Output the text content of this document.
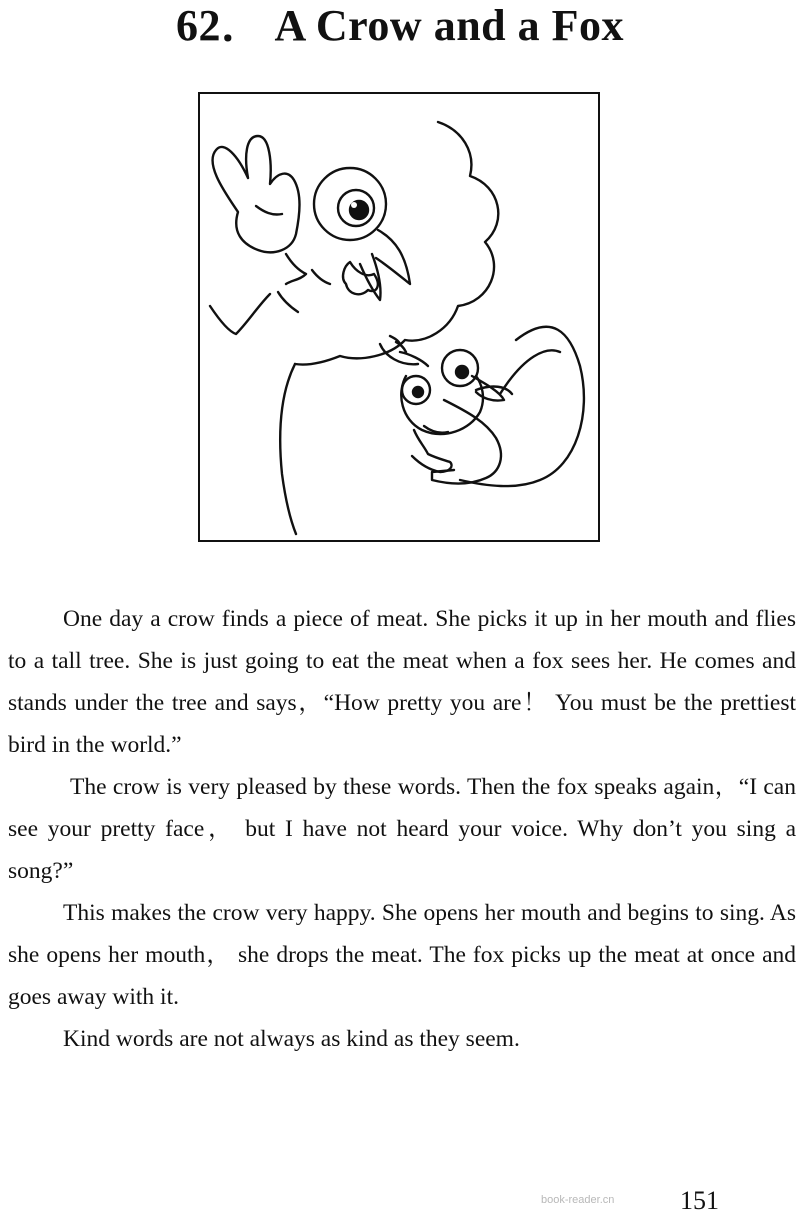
62． A Crow and a Fox

One day a crow finds a piece of meat. She picks it up in her mouth and flies to a tall tree. She is just going to eat the meat when a fox sees her. He comes and stands under the tree and says，“How pretty you are！ You must be the prettiest bird in the world.”

The crow is very pleased by these words. Then the fox speaks again，“I can see your pretty face， but I have not heard your voice. Why don’t you sing a song?”

This makes the crow very happy. She opens her mouth and begins to sing. As she opens her mouth， she drops the meat. The fox picks up the meat at once and goes away with it.

Kind words are not always as kind as they seem.

book-reader.cn	151
